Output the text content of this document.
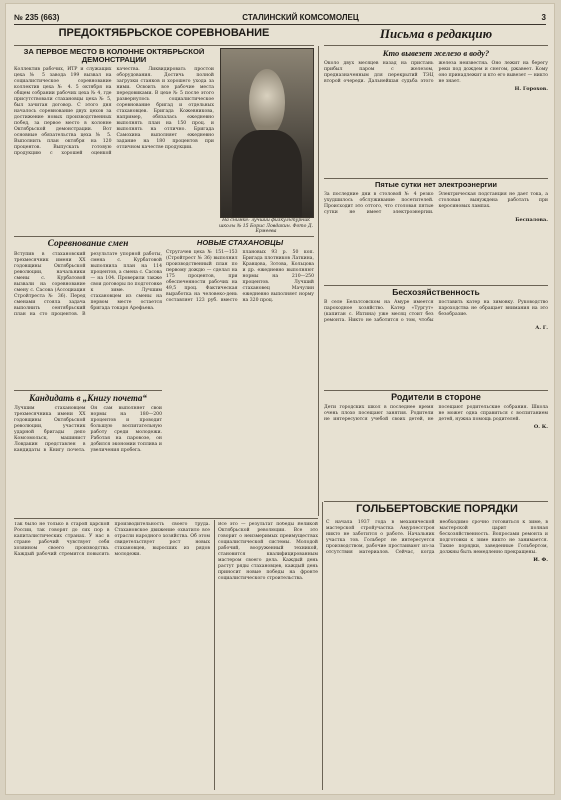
№ 235 (663)	СТАЛИНСКИЙ КОМСОМОЛЕЦ	3
ПРЕДОКТЯБРЬСКОЕ СОРЕВНОВАНИЕ	Письма в редакцию
ЗА ПЕРВОЕ МЕСТО В КОЛОННЕ ОКТЯБРЬСКОЙ ДЕМОНСТРАЦИИ

Коллектив рабочих, ИТР и служащих цеха № 5 завода 199 вызвал на социалистическое соревнование коллектив цеха № 4. 5 октября на общем собрании рабочих цеха № 4, где присутствовали стахановцы цеха № 5, был зачитан договор. С этого дня началось соревнование двух цехов за достижение новых производственных побед, за первое место в колонне Октябрьской демонстрации. Вот основные обязательства цеха № 5. Выполнить план октября на 120 процентов. Выпускать готовую продукцию с хорошей оценкой качества. Ликвидировать простои оборудования. Достичь полной загрузки станков и хорошего ухода за ними. Освоить все рабочие места передовиками. В цехе № 5 после этого развернулось социалистическое соревнование бригад и отдельных стахановцев. Бригада Кожевникова, например, обязалась ежедневно выполнять план на 150 проц. и выполнять на отлично. Бригада Самохина выполняет ежедневно задание на 180 процентов при отличном качестве продукции.

На снимке: лучший физкультурник школы № 15 Борис Ловдакин. Фото Д. Ермеева
Соревнование смен

Вступив в стахановский трехмесячник имени XX годовщины Октябрьской революции, начальники смены с. Курбатовой вызвали на соревнование смену с. Сасова (Ассоциация Стройтреста № 36). Перед сменами стояла задача выполнить сентябрьский план на сто процентов. В результате упорной работы, смена с. Курбатовой выполнила план на 114 процентов, а смена с. Сасова — на 104. Проверили также свои договоры по подготовке к зиме. Лучшим стахановцем из смены на первом месте остается бригада токаря Арефьева.

НОВЫЕ СТАХАНОВЦЫ

Стругачев цеха № 151—153 (Стройтрест № 36) выполнил производственный план по первому дождю — сделал на 175 процентов, при обеспеченности рабочих на 49,5 проц. Фактическая выработка на человеко-день составляет 123 руб. вместо плановых 93 р. 50 коп. Бригада плотников Латкина, Кравцова, Зотова, Кольцова и др. ежедневно выполняют нормы на 210—250 процентов. Лучший стахановец Мачулин ежедневно выполняет норму на 320 проц.

Кандидать в „Книгу почета“

Лучшим стахановцем трехмесячника имени XX годовщины Октябрьской революции, участник ударной бригады депо Комсомольск, машинист Ловдакин представлен в кандидаты в Книгу почета. Он сам выполняет свои нормы на 180—200 процентов и проводит большую воспитательную работу среди молодежи. Работая на паровозе, он добился экономии топлива и увеличения пробега.

Кто вывезет железо в воду?

Около двух месяцев назад на пристань прибыл паром с железом, предназначенным для перекрытий ТЭЦ второй очереди. Дальнейшая судьба этого железа неизвестна. Оно лежит на берегу реки под дождем и снегом, ржавеет. Кому оно принадлежит и кто его вывезет — никто не знает.

Н. Горохов.
Пятые сутки нет электроэнергии

За последние дни в столовой № 4 резко ухудшилось обслуживание посетителей. Происходит это оттого, что столовая пятые сутки не имеет электроэнергии. Электрическая подстанция не дает тока, а столовая вынуждена работать при керосиновых лампах.

Беспалова.
Бесхозяйственность

В селе Бельтсовском на Амуре имеется пароходное хозяйство. Катер «Тургут» (капитан с. Ихтина) уже месяц стоит без ремонта. Никто не заботится о том, чтобы поставить катер на зимовку. Руководство пароходства не обращает внимания на это безобразие.

А. Г.
Родители в стороне

Дети городских школ в последнее время очень плохо посещают занятия. Родители не интересуются учебой своих детей, не посещают родительские собрания. Школа не может одна справиться с воспитанием детей, нужна помощь родителей.

О. К.

Так было не только в старой царской России, так говорят до сих пор в капиталистических странах. У нас в стране рабочий чувствует себя хозяином своего производства. Каждый рабочий стремится повысить производительность своего труда. Стахановское движение охватило все отрасли народного хозяйства. Об этом свидетельствует рост новых стахановцев, выросших из рядов молодежи.

Все это — результат победы Великой Октябрьской революции. Все это говорит о неизмеримых преимуществах социалистической системы. Молодой рабочий, вооруженный техникой, становится квалифицированным мастером своего дела. Каждый день растут ряды стахановцев, каждый день приносит новые победы на фронте социалистического строительства.

ГОЛЬБЕРТОВСКИЕ ПОРЯДКИ

С начала 1937 года в механической мастерской стройучастка Амурлесстроя никто не заботится о работе. Начальник участка тов. Гольберт не интересуется производством, рабочие простаивают из-за отсутствия материалов. Сейчас, когда необходимо срочно готовиться к зиме, в мастерской царит полная бесхозяйственность. Вопросами ремонта и подготовки к зиме никто не занимается. Такие порядки, заведенные Гольбертом, должны быть немедленно прекращены.

И. Ф.
